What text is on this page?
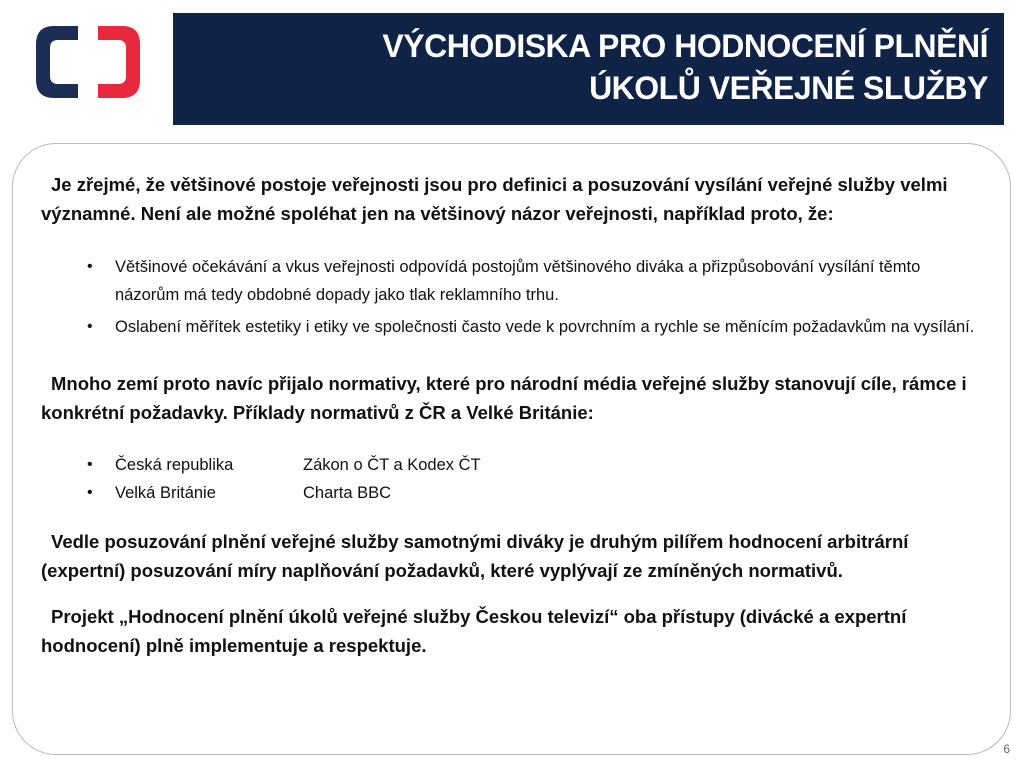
VÝCHODISKA PRO HODNOCENÍ PLNĚNÍ
ÚKOLŮ VEŘEJNÉ SLUŽBY

Je zřejmé, že většinové postoje veřejnosti jsou pro definici a posuzování vysílání veřejné služby velmi významné. Není ale možné spoléhat jen na většinový názor veřejnosti, například proto, že:

• Většinové očekávání a vkus veřejnosti odpovídá postojům většinového diváka a přizpůsobování vysílání těmto názorům má tedy obdobné dopady jako tlak reklamního trhu.
• Oslabení měřítek estetiky i etiky ve společnosti často vede k povrchním a rychle se měnícím požadavkům na vysílání.

Mnoho zemí proto navíc přijalo normativy, které pro národní média veřejné služby stanovují cíle, rámce i konkrétní požadavky. Příklady normativů z ČR a Velké Británie:

• Česká republika	Zákon o ČT a Kodex ČT
• Velká Británie	Charta BBC

Vedle posuzování plnění veřejné služby samotnými diváky je druhým pilířem hodnocení arbitrární (expertní) posuzování míry naplňování požadavků, které vyplývají ze zmíněných normativů.

Projekt „Hodnocení plnění úkolů veřejné služby Českou televizí“ oba přístupy (divácké a expertní hodnocení) plně implementuje a respektuje.

6
